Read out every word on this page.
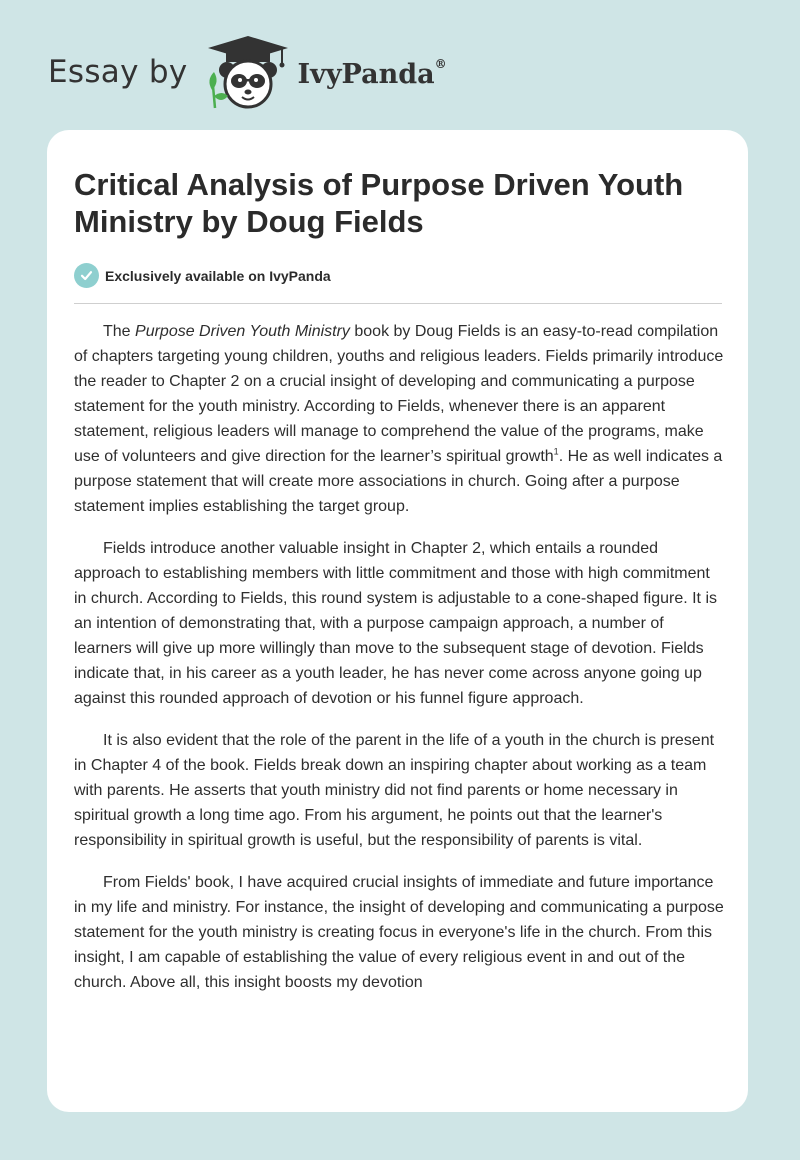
Essay by	IvyPanda®
Critical Analysis of Purpose Driven Youth Ministry by Doug Fields
Exclusively available on IvyPanda

The Purpose Driven Youth Ministry book by Doug Fields is an easy-to-read compilation of chapters targeting young children, youths and religious leaders. Fields primarily introduce the reader to Chapter 2 on a crucial insight of developing and communicating a purpose statement for the youth ministry. According to Fields, whenever there is an apparent statement, religious leaders will manage to comprehend the value of the programs, make use of volunteers and give direction for the learner’s spiritual growth$^1$. He as well indicates a purpose statement that will create more associations in church. Going after a purpose statement implies establishing the target group.

Fields introduce another valuable insight in Chapter 2, which entails a rounded approach to establishing members with little commitment and those with high commitment in church. According to Fields, this round system is adjustable to a cone-shaped figure. It is an intention of demonstrating that, with a purpose campaign approach, a number of learners will give up more willingly than move to the subsequent stage of devotion. Fields indicate that, in his career as a youth leader, he has never come across anyone going up against this rounded approach of devotion or his funnel figure approach.

It is also evident that the role of the parent in the life of a youth in the church is present in Chapter 4 of the book. Fields break down an inspiring chapter about working as a team with parents. He asserts that youth ministry did not find parents or home necessary in spiritual growth a long time ago. From his argument, he points out that the learner's responsibility in spiritual growth is useful, but the responsibility of parents is vital.

From Fields' book, I have acquired crucial insights of immediate and future importance in my life and ministry. For instance, the insight of developing and communicating a purpose statement for the youth ministry is creating focus in everyone's life in the church. From this insight, I am capable of establishing the value of every religious event in and out of the church. Above all, this insight boosts my devotion
